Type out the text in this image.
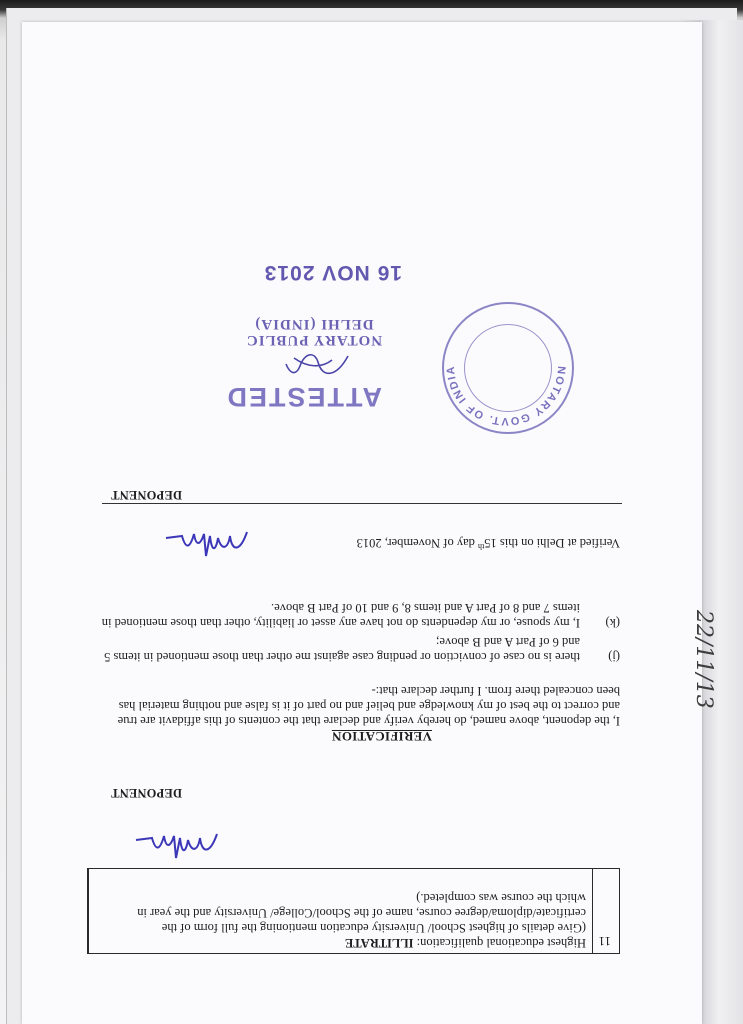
11
Highest educational qualification: ILLITRATE
(Give details of highest School/ University education mentioning the full form of the certificate/diploma/degree course, name of the School/College/ University and the year in which the course was completed.)
DEPONENT
VERIFICATION
I, the deponent, above named, do hereby verify and declare that the contents of this affidavit are true and correct to the best of my knowledge and belief and no part of it is false and nothing material has been concealed there from. I further declare that:-
(j)
there is no case of conviction or pending case against me other than those mentioned in items 5 and 6 of Part A and B above;
(k)
I, my spouse, or my dependents do not have any asset or liability, other than those mentioned in items 7 and 8 of Part A and items 8, 9 and 10 of Part B above.
Verified at Delhi on this 15th day of November, 2013
DEPONENT
NOTARY GOVT. OF INDIA
ATTESTED
NOTARY PUBLIC
DELHI (INDIA)
16 NOV 2013
22/11/13
